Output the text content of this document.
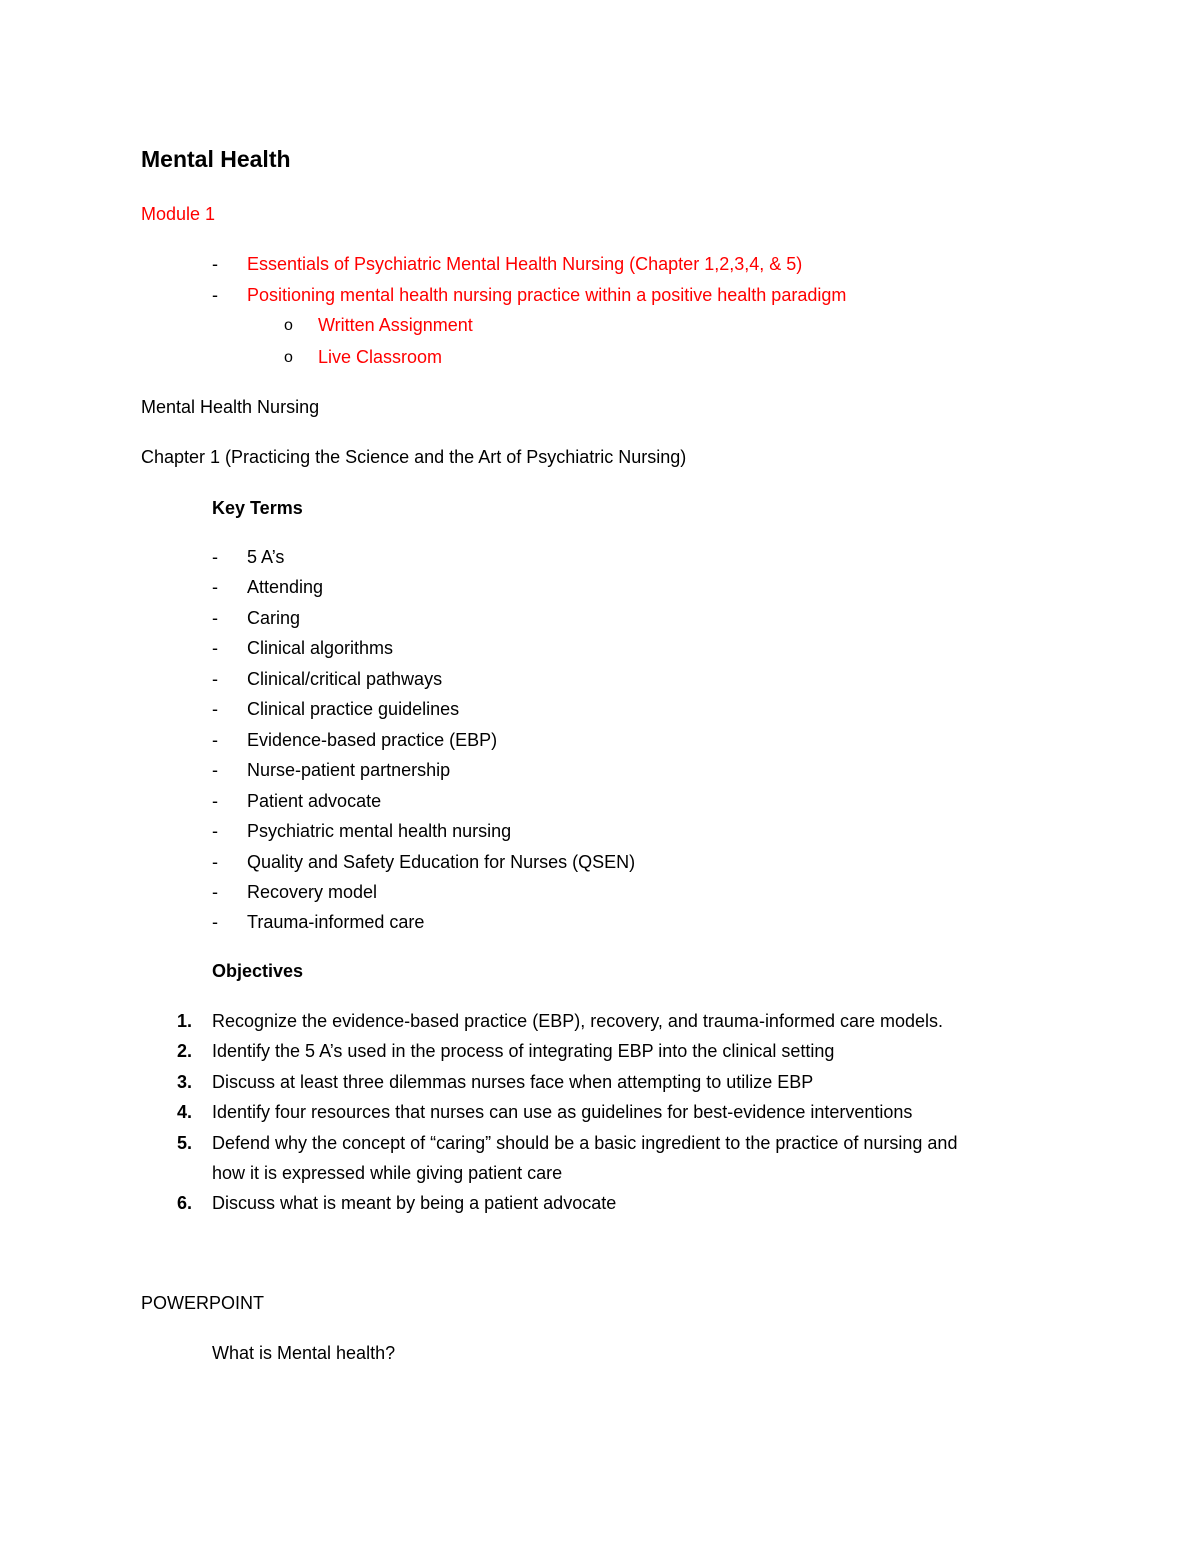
Mental Health
Module 1
- Essentials of Psychiatric Mental Health Nursing (Chapter 1,2,3,4, & 5)
- Positioning mental health nursing practice within a positive health paradigm
o Written Assignment
o Live Classroom
Mental Health Nursing
Chapter 1 (Practicing the Science and the Art of Psychiatric Nursing)
Key Terms
- 5 A’s
- Attending
- Caring
- Clinical algorithms
- Clinical/critical pathways
- Clinical practice guidelines
- Evidence-based practice (EBP)
- Nurse-patient partnership
- Patient advocate
- Psychiatric mental health nursing
- Quality and Safety Education for Nurses (QSEN)
- Recovery model
- Trauma-informed care
Objectives
1. Recognize the evidence-based practice (EBP), recovery, and trauma-informed care models.
2. Identify the 5 A’s used in the process of integrating EBP into the clinical setting
3. Discuss at least three dilemmas nurses face when attempting to utilize EBP
4. Identify four resources that nurses can use as guidelines for best-evidence interventions
5. Defend why the concept of “caring” should be a basic ingredient to the practice of nursing and
how it is expressed while giving patient care
6. Discuss what is meant by being a patient advocate
POWERPOINT
What is Mental health?
